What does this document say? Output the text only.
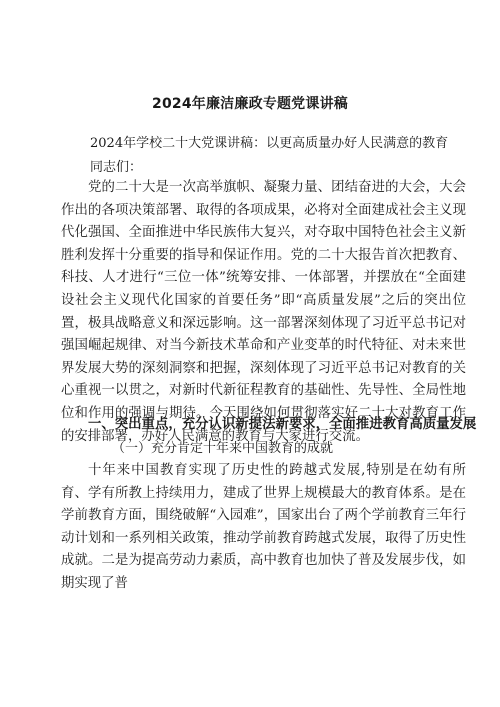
2024年廉洁廉政专题党课讲稿
2024年学校二十大党课讲稿：以更高质量办好人民满意的教育
同志们：
党的二十大是一次高举旗帜、凝聚力量、团结奋进的大会，大会作出的各项决策部署、取得的各项成果，必将对全面建成社会主义现代化强国、全面推进中华民族伟大复兴，对夺取中国特色社会主义新胜利发挥十分重要的指导和保证作用。党的二十大报告首次把教育、科技、人才进行“三位一体”统筹安排、一体部署，并摆放在“全面建设社会主义现代化国家的首要任务”即“高质量发展”之后的突出位置，极具战略意义和深远影响。这一部署深刻体现了习近平总书记对强国崛起规律、对当今新技术革命和产业变革的时代特征、对未来世界发展大势的深刻洞察和把握，深刻体现了习近平总书记对教育的关心重视一以贯之，对新时代新征程教育的基础性、先导性、全局性地位和作用的强调与期待。今天围绕如何贯彻落实好二十大对教育工作的安排部署，办好人民满意的教育与大家进行交流。
一、突出重点，充分认识新提法新要求，全面推进教育高质量发展
（一）充分肯定十年来中国教育的成就
十年来中国教育实现了历史性的跨越式发展,特别是在幼有所育、学有所教上持续用力，建成了世界上规模最大的教育体系。是在学前教育方面，围绕破解“入园难”，国家出台了两个学前教育三年行动计划和一系列相关政策，推动学前教育跨越式发展，取得了历史性成就。二是为提高劳动力素质，高中教育也加快了普及发展步伐，如期实现了普
